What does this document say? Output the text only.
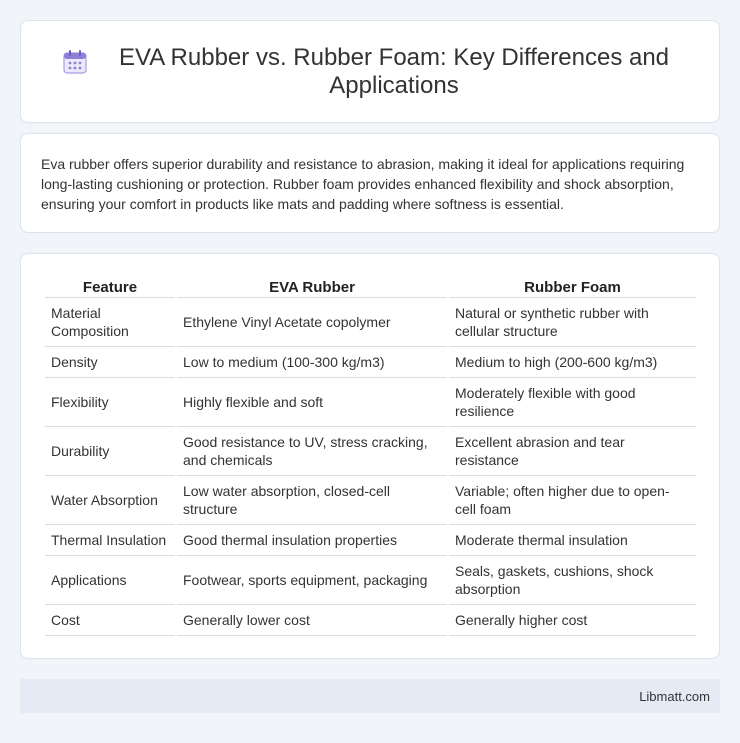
EVA Rubber vs. Rubber Foam: Key Differences and Applications

Eva rubber offers superior durability and resistance to abrasion, making it ideal for applications requiring long-lasting cushioning or protection. Rubber foam provides enhanced flexibility and shock absorption, ensuring your comfort in products like mats and padding where softness is essential.

Feature	EVA Rubber	Rubber Foam
Material Composition	Ethylene Vinyl Acetate copolymer	Natural or synthetic rubber with cellular structure
Density	Low to medium (100-300 kg/m3)	Medium to high (200-600 kg/m3)
Flexibility	Highly flexible and soft	Moderately flexible with good resilience
Durability	Good resistance to UV, stress cracking, and chemicals	Excellent abrasion and tear resistance
Water Absorption	Low water absorption, closed-cell structure	Variable; often higher due to open-cell foam
Thermal Insulation	Good thermal insulation properties	Moderate thermal insulation
Applications	Footwear, sports equipment, packaging	Seals, gaskets, cushions, shock absorption
Cost	Generally lower cost	Generally higher cost
Libmatt.com
